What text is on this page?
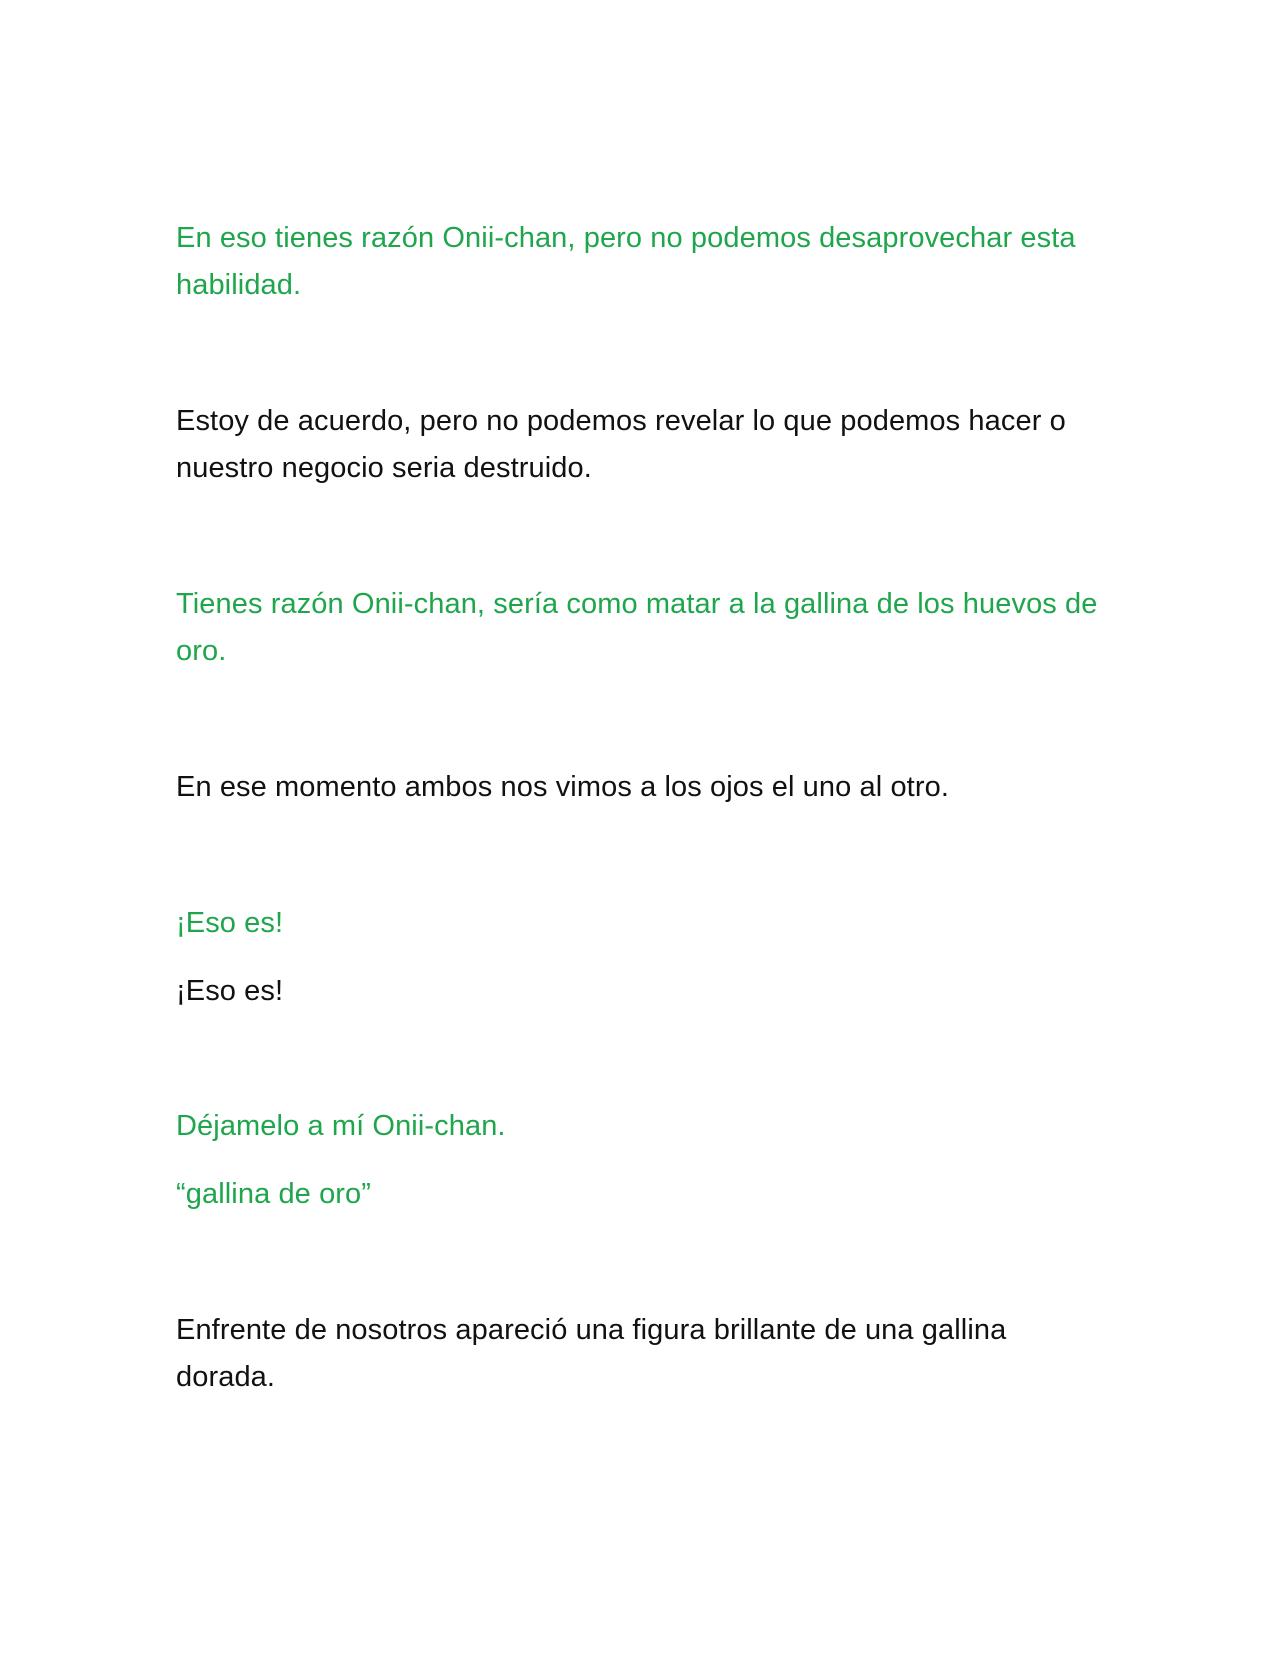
En eso tienes razón Onii-chan, pero no podemos desaprovechar esta habilidad.

Estoy de acuerdo, pero no podemos revelar lo que podemos hacer o nuestro negocio seria destruido.

Tienes razón Onii-chan, sería como matar a la gallina de los huevos de oro.

En ese momento ambos nos vimos a los ojos el uno al otro.

¡Eso es!

¡Eso es!

Déjamelo a mí Onii-chan.

“gallina de oro”

Enfrente de nosotros apareció una figura brillante de una gallina dorada.
